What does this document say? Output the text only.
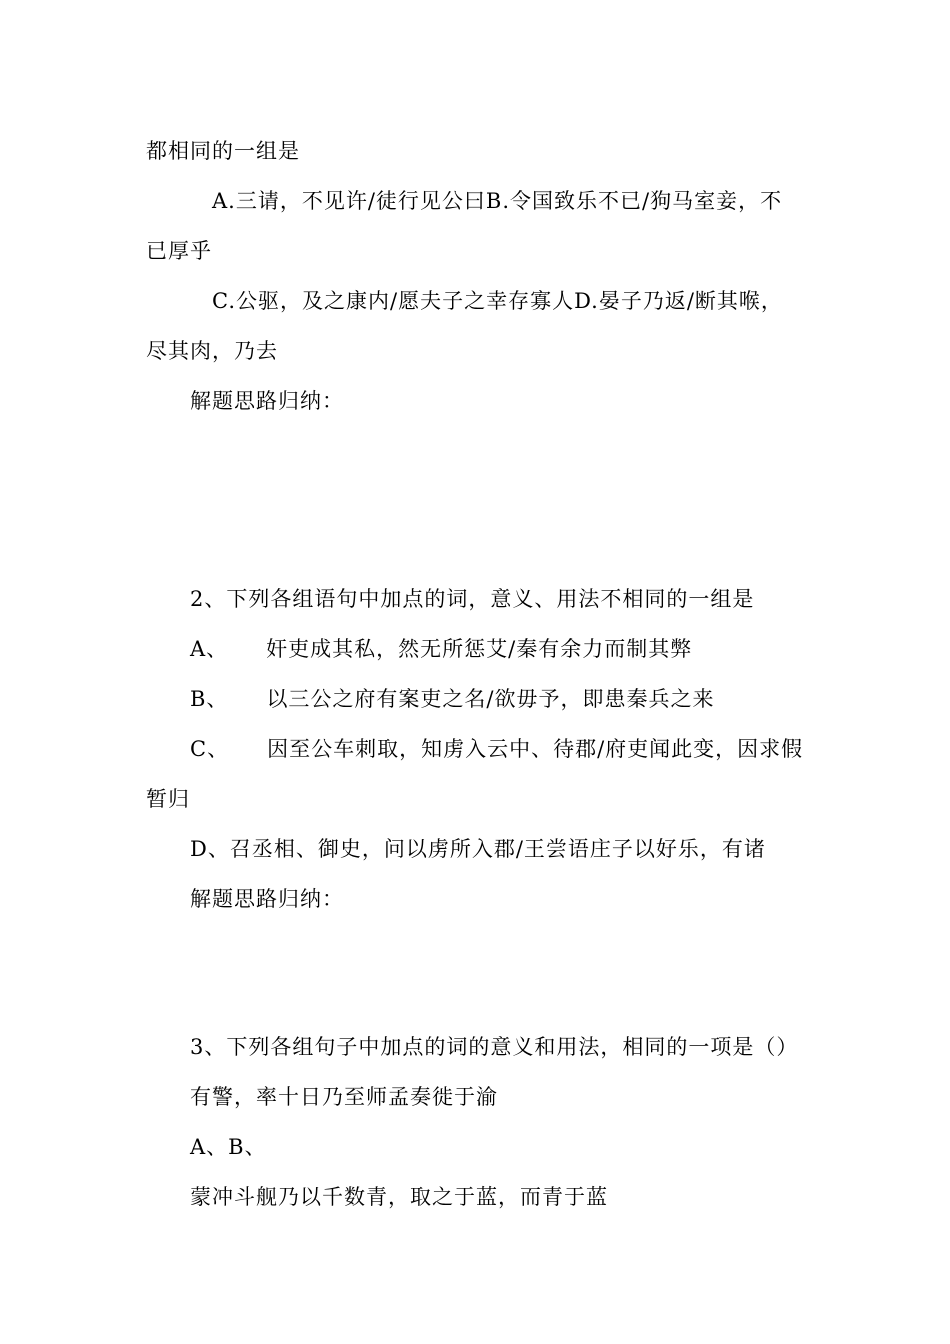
都相同的一组是
A.三请，不见许/徒行见公曰B.令国致乐不已/狗马室妾，不
已厚乎
C.公驱，及之康内/愿夫子之幸存寡人D.晏子乃返/断其喉，
尽其肉，乃去
解题思路归纳：
2、下列各组语句中加点的词，意义、用法不相同的一组是
A、 奸吏成其私，然无所惩艾/秦有余力而制其弊
B、 以三公之府有案吏之名/欲毋予，即患秦兵之来
C、 因至公车刺取，知虏入云中、待郡/府吏闻此变，因求假
暂归
D、召丞相、御史，问以虏所入郡/王尝语庄子以好乐，有诸
解题思路归纳：
3、下列各组句子中加点的词的意义和用法，相同的一项是（）
有警，率十日乃至师孟奏徙于渝
A、B、
蒙冲斗舰乃以千数青，取之于蓝，而青于蓝
